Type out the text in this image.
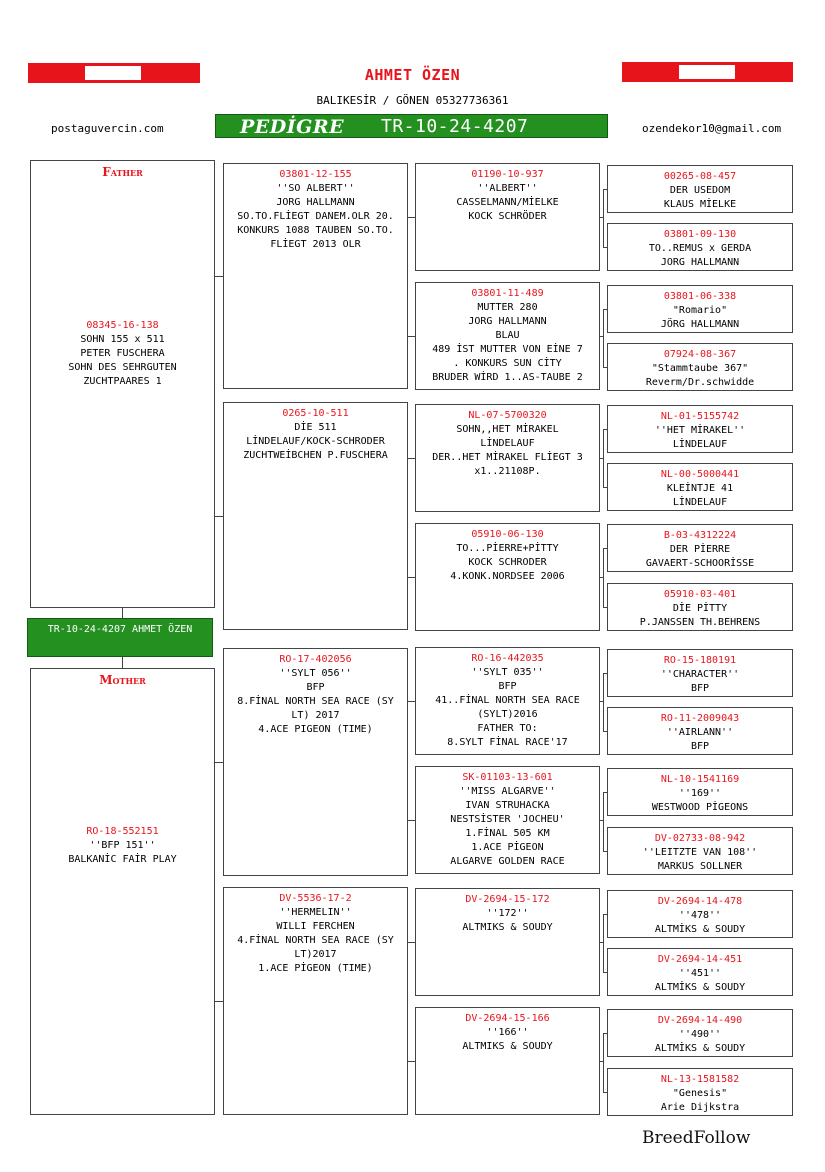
AHMET ÖZEN
BALIKESİR / GÖNEN 05327736361
postaguvercin.com	ozendekor10@gmail.com
PEDİGRE TR-10-24-4207
Father
08345-16-138
SOHN 155 x 511
PETER FUSCHERA
SOHN DES SEHRGUTEN
ZUCHTPAARES 1
TR-10-24-4207 AHMET ÖZEN
Mother
RO-18-552151
''BFP 151''
BALKANİC FAİR PLAY
03801-12-155
''SO ALBERT''
JORG HALLMANN
SO.TO.FLİEGT DANEM.OLR 20.
KONKURS 1088 TAUBEN SO.TO.
FLİEGT 2013 OLR
0265-10-511
DİE 511
LİNDELAUF/KOCK-SCHRODER
ZUCHTWEİBCHEN P.FUSCHERA
RO-17-402056
''SYLT 056''
BFP
8.FİNAL NORTH SEA RACE (SY
LT) 2017
4.ACE PIGEON (TIME)
DV-5536-17-2
''HERMELIN''
WILLI FERCHEN
4.FİNAL NORTH SEA RACE (SY
LT)2017
1.ACE PİGEON (TIME)
01190-10-937
''ALBERT''
CASSELMANN/MİELKE
KOCK SCHRÖDER
03801-11-489
MUTTER 280
JORG HALLMANN
BLAU
489 İST MUTTER VON EİNE 7
. KONKURS SUN CİTY
BRUDER WİRD 1..AS-TAUBE 2
NL-07-5700320
SOHN,,HET MİRAKEL
LİNDELAUF
DER..HET MİRAKEL FLİEGT 3
x1..21108P.
05910-06-130
TO...PİERRE+PİTTY
KOCK SCHRODER
4.KONK.NORDSEE 2006
RO-16-442035
''SYLT 035''
BFP
41..FİNAL NORTH SEA RACE
(SYLT)2016
FATHER TO:
8.SYLT FİNAL RACE'17
SK-01103-13-601
''MISS ALGARVE''
IVAN STRUHACKA
NESTSİSTER 'JOCHEU'
1.FİNAL 505 KM
1.ACE PİGEON
ALGARVE GOLDEN RACE
DV-2694-15-172
''172''
ALTMIKS & SOUDY
DV-2694-15-166
''166''
ALTMIKS & SOUDY
00265-08-457
DER USEDOM
KLAUS MİELKE
03801-09-130
TO..REMUS x GERDA
JORG HALLMANN
03801-06-338
"Romario"
JÖRG HALLMANN
07924-08-367
"Stammtaube 367"
Reverm/Dr.schwidde
NL-01-5155742
''HET MİRAKEL''
LİNDELAUF
NL-00-5000441
KLEİNTJE 41
LİNDELAUF
B-03-4312224
DER PİERRE
GAVAERT-SCHOORİSSE
05910-03-401
DİE PİTTY
P.JANSSEN TH.BEHRENS
RO-15-180191
''CHARACTER''
BFP
RO-11-2009043
''AIRLANN''
BFP
NL-10-1541169
''169''
WESTWOOD PİGEONS
DV-02733-08-942
''LEITZTE VAN 108''
MARKUS SOLLNER
DV-2694-14-478
''478''
ALTMİKS & SOUDY
DV-2694-14-451
''451''
ALTMİKS & SOUDY
DV-2694-14-490
''490''
ALTMİKS & SOUDY
NL-13-1581582
"Genesis"
Arie Dijkstra
BreedFollow
